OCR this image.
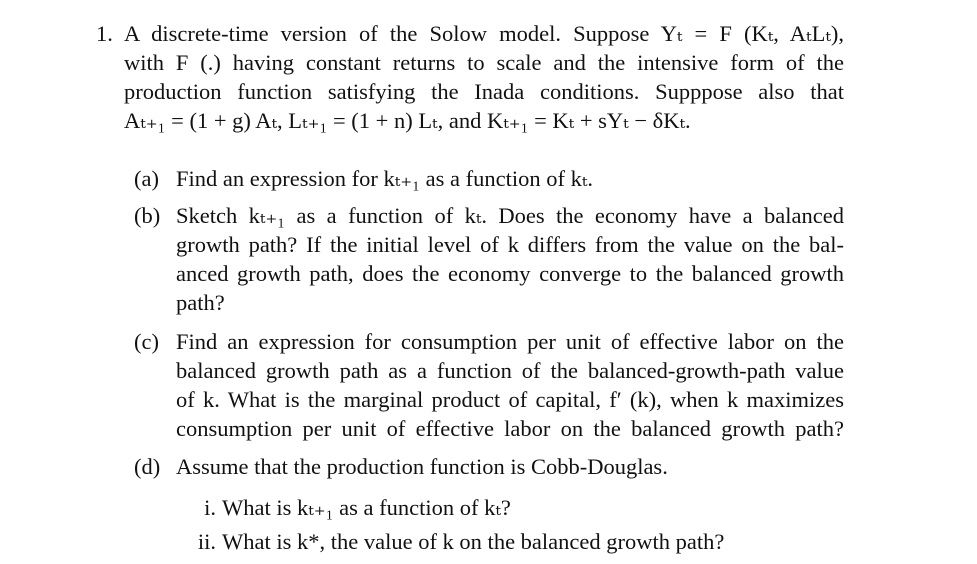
1. A discrete-time version of the Solow model. Suppose Yₜ = F (Kₜ, AₜLₜ),
with F (.) having constant returns to scale and the intensive form of the
production function satisfying the Inada conditions. Supppose also that
Aₜ₊₁ = (1 + g) Aₜ, Lₜ₊₁ = (1 + n) Lₜ, and Kₜ₊₁ = Kₜ + sYₜ − δKₜ.
(a) Find an expression for kₜ₊₁ as a function of kₜ.
(b) Sketch kₜ₊₁ as a function of kₜ. Does the economy have a balanced
growth path? If the initial level of k differs from the value on the bal-
anced growth path, does the economy converge to the balanced growth
path?
(c) Find an expression for consumption per unit of effective labor on the
balanced growth path as a function of the balanced-growth-path value
of k. What is the marginal product of capital, f′ (k), when k maximizes
consumption per unit of effective labor on the balanced growth path?
(d) Assume that the production function is Cobb-Douglas.
i. What is kₜ₊₁ as a function of kₜ?
ii. What is k*, the value of k on the balanced growth path?
